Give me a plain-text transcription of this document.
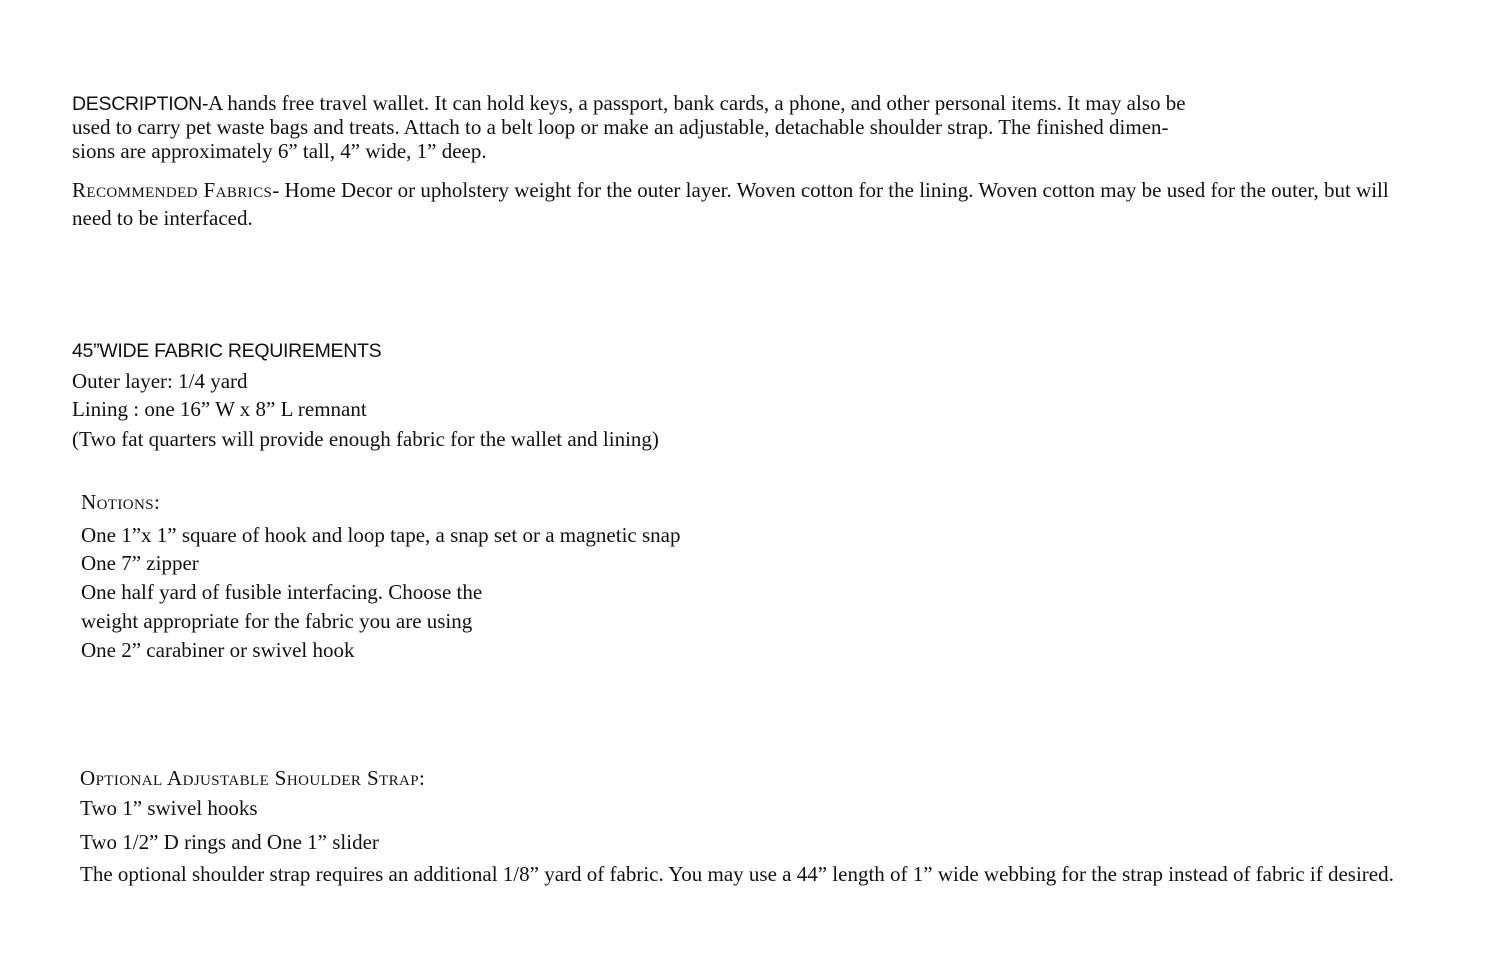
DESCRIPTION-A hands free travel wallet. It can hold keys, a passport, bank cards, a phone, and other personal items. It may also be

used to carry pet waste bags and treats. Attach to a belt loop or make an adjustable, detachable shoulder strap. The finished dimen-

sions are approximately 6” tall, 4” wide, 1” deep.

Recommended Fabrics- Home Decor or upholstery weight for the outer layer. Woven cotton for the lining. Woven cotton may be used for the outer, but will need to be interfaced.

45”WIDE FABRIC REQUIREMENTS

Outer layer: 1/4 yard

Lining : one 16” W x 8” L remnant

(Two fat quarters will provide enough fabric for the wallet and lining)

Notions:

One 1”x 1” square of hook and loop tape, a snap set or a magnetic snap

One 7” zipper

One half yard of fusible interfacing. Choose the

weight appropriate for the fabric you are using

One 2” carabiner or swivel hook

Optional Adjustable Shoulder Strap:

Two 1” swivel hooks

Two 1/2” D rings and One 1” slider

The optional shoulder strap requires an additional 1/8” yard of fabric. You may use a 44” length of 1” wide webbing for the strap instead of fabric if desired.
